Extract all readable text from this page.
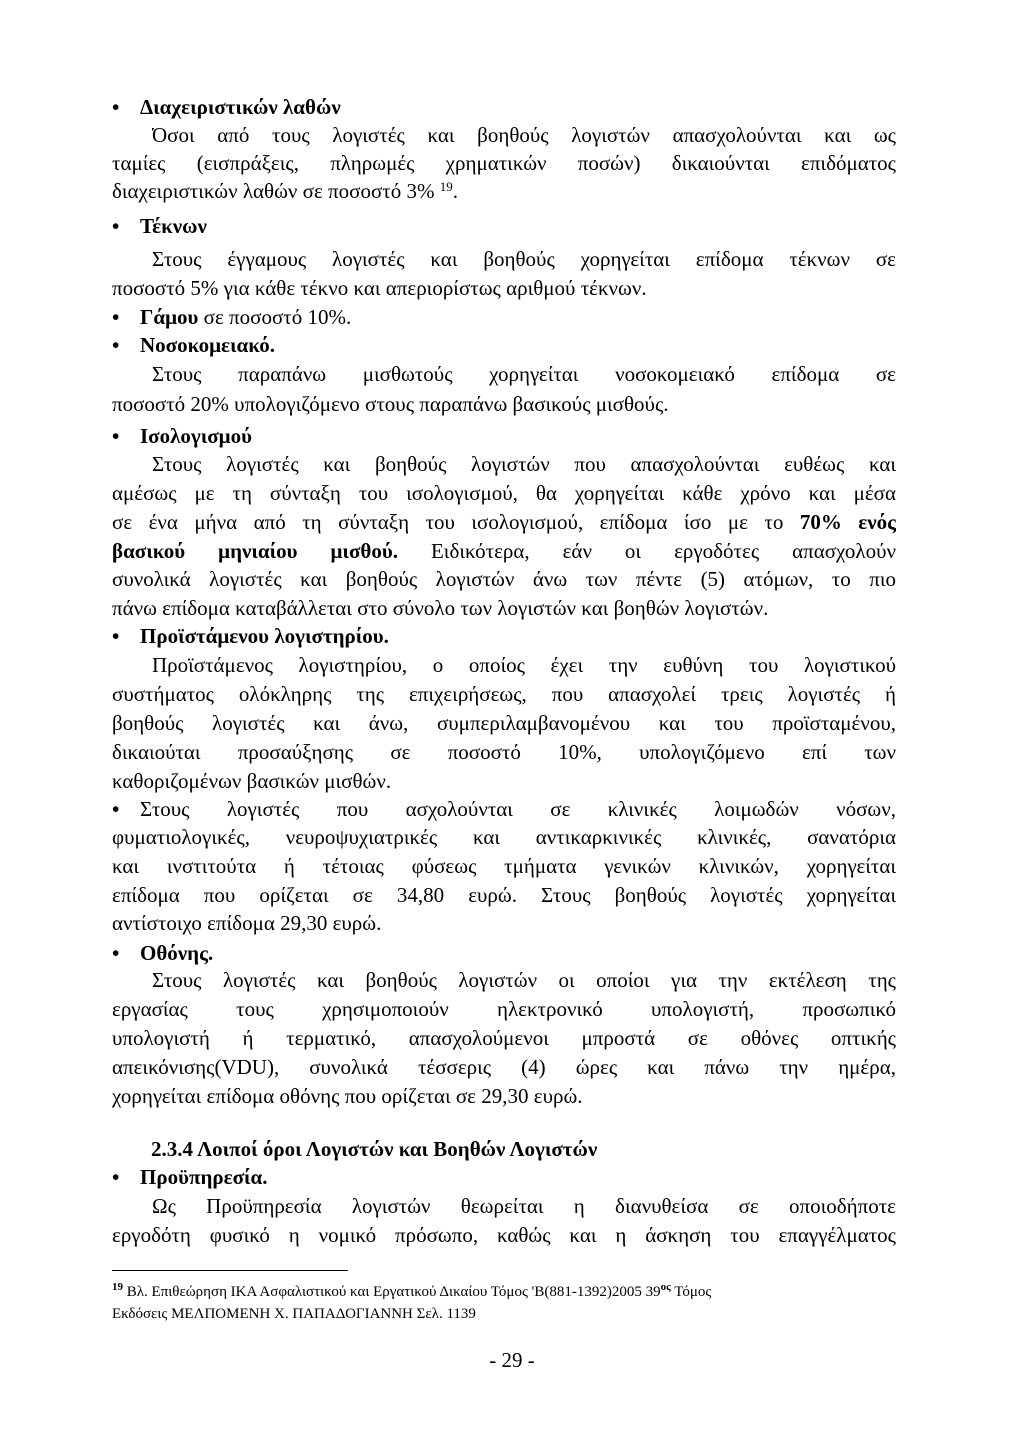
• Διαχειριστικών λαθών
Όσοι από τους λογιστές και βοηθούς λογιστών απασχολούνται και ως
ταμίες (εισπράξεις, πληρωμές χρηματικών ποσών) δικαιούνται επιδόματος
διαχειριστικών λαθών σε ποσοστό 3% $^{19}$.
• Τέκνων
Στους έγγαμους λογιστές και βοηθούς χορηγείται επίδομα τέκνων σε
ποσοστό 5% για κάθε τέκνο και απεριορίστως αριθμού τέκνων.
• Γάμου σε ποσοστό 10%.
• Νοσοκομειακό.
Στους παραπάνω μισθωτούς χορηγείται νοσοκομειακό επίδομα σε
ποσοστό 20% υπολογιζόμενο στους παραπάνω βασικούς μισθούς.
• Ισολογισμού
Στους λογιστές και βοηθούς λογιστών που απασχολούνται ευθέως και
αμέσως με τη σύνταξη του ισολογισμού, θα χορηγείται κάθε χρόνο και μέσα
σε ένα μήνα από τη σύνταξη του ισολογισμού, επίδομα ίσο με το 70% ενός
βασικού μηνιαίου μισθού. Ειδικότερα, εάν οι εργοδότες απασχολούν
συνολικά λογιστές και βοηθούς λογιστών άνω των πέντε (5) ατόμων, το πιο
πάνω επίδομα καταβάλλεται στο σύνολο των λογιστών και βοηθών λογιστών.
• Προϊστάμενου λογιστηρίου.
Προϊστάμενος λογιστηρίου, ο οποίος έχει την ευθύνη του λογιστικού
συστήματος ολόκληρης της επιχειρήσεως, που απασχολεί τρεις λογιστές ή
βοηθούς λογιστές και άνω, συμπεριλαμβανομένου και του προϊσταμένου,
δικαιούται προσαύξησης σε ποσοστό 10%, υπολογιζόμενο επί των
καθοριζομένων βασικών μισθών.
• Στους λογιστές που ασχολούνται σε κλινικές λοιμωδών νόσων,
φυματιολογικές, νευροψυχιατρικές και αντικαρκινικές κλινικές, σανατόρια
και ινστιτούτα ή τέτοιας φύσεως τμήματα γενικών κλινικών, χορηγείται
επίδομα που ορίζεται σε 34,80 ευρώ. Στους βοηθούς λογιστές χορηγείται
αντίστοιχο επίδομα 29,30 ευρώ.
• Οθόνης.
Στους λογιστές και βοηθούς λογιστών οι οποίοι για την εκτέλεση της
εργασίας τους χρησιμοποιούν ηλεκτρονικό υπολογιστή, προσωπικό
υπολογιστή ή τερματικό, απασχολούμενοι μπροστά σε οθόνες οπτικής
απεικόνισης(VDU), συνολικά τέσσερις (4) ώρες και πάνω την ημέρα,
χορηγείται επίδομα οθόνης που ορίζεται σε 29,30 ευρώ.
2.3.4 Λοιποί όροι Λογιστών και Βοηθών Λογιστών
• Προϋπηρεσία.
Ως Προϋπηρεσία λογιστών θεωρείται η διανυθείσα σε οποιοδήποτε
εργοδότη φυσικό η νομικό πρόσωπο, καθώς και η άσκηση του επαγγέλματος
$^{19}$ Βλ. Επιθεώρηση ΙΚΑ Ασφαλιστικού και Εργατικού Δικαίου Τόμος 'Β(881-1392)2005 $39^{o\varsigma}$ Τόμος
Εκδόσεις ΜΕΛΠΟΜΕΝΗ Χ. ΠΑΠΑΔΟΓΙΑΝΝΗ Σελ. 1139
- 29 -
